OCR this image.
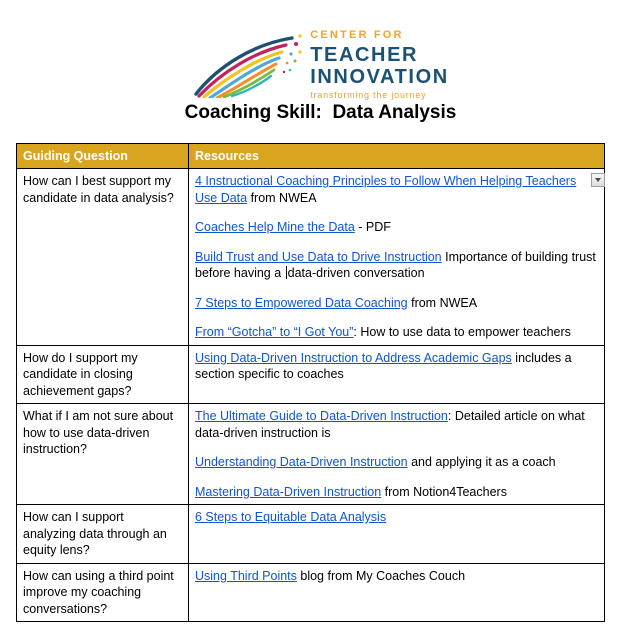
CENTER FOR
TEACHER
INNOVATION
transforming the journey
Coaching Skill:  Data Analysis
Guiding Question	Resources
How can I best support my candidate in data analysis?	4 Instructional Coaching Principles to Follow When Helping Teachers Use Data from NWEA

Coaches Help Mine the Data - PDF

Build Trust and Use Data to Drive Instruction Importance of building trust before having a data-driven conversation

7 Steps to Empowered Data Coaching from NWEA

From “Gotcha” to “I Got You”: How to use data to empower teachers

How do I support my candidate in closing achievement gaps?	Using Data-Driven Instruction to Address Academic Gaps includes a section specific to coaches

What if I am not sure about how to use data-driven instruction?	The Ultimate Guide to Data-Driven Instruction: Detailed article on what data-driven instruction is

Understanding Data-Driven Instruction and applying it as a coach

Mastering Data-Driven Instruction from Notion4Teachers

How can I support analyzing data through an equity lens?	6 Steps to Equitable Data Analysis

How can using a third point improve my coaching conversations?	Using Third Points blog from My Coaches Couch
